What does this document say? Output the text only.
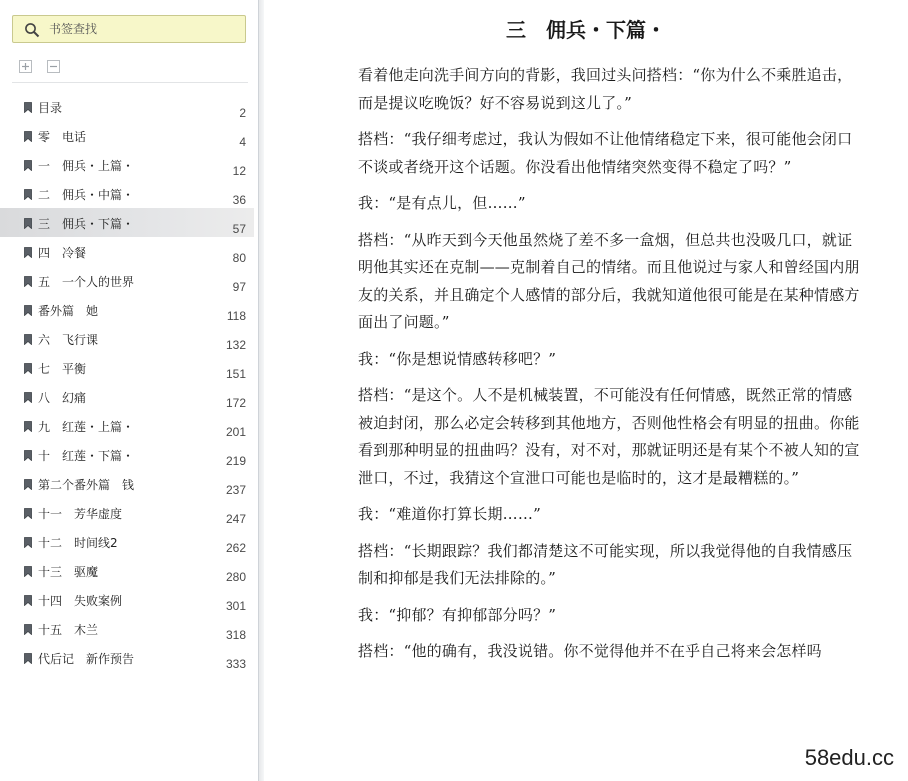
书签查找
目录	2
零　电话	4
一　佣兵・上篇・	12
二　佣兵・中篇・	36
三　佣兵・下篇・	57
四　冷餐	80
五　一个人的世界	97
番外篇　她	118
六　飞行课	132
七　平衡	151
八　幻痛	172
九　红莲・上篇・	201
十　红莲・下篇・	219
第二个番外篇　钱	237
十一　芳华虚度	247
十二　时间线2	262
十三　驱魔	280
十四　失败案例	301
十五　木兰	318
代后记　新作预告	333
三　佣兵・下篇・

看着他走向洗手间方向的背影，我回过头问搭档：“你为什么不乘胜追击，而是提议吃晚饭？好不容易说到这儿了。”

搭档：“我仔细考虑过，我认为假如不让他情绪稳定下来，很可能他会闭口不谈或者绕开这个话题。你没看出他情绪突然变得不稳定了吗？”

我：“是有点儿，但……”

搭档：“从昨天到今天他虽然烧了差不多一盒烟，但总共也没吸几口，就证明他其实还在克制——克制着自己的情绪。而且他说过与家人和曾经国内朋友的关系，并且确定个人感情的部分后，我就知道他很可能是在某种情感方面出了问题。”

我：“你是想说情感转移吧？”

搭档：“是这个。人不是机械装置，不可能没有任何情感，既然正常的情感被迫封闭，那么必定会转移到其他地方，否则他性格会有明显的扭曲。你能看到那种明显的扭曲吗？没有，对不对，那就证明还是有某个不被人知的宣泄口，不过，我猜这个宣泄口可能也是临时的，这才是最糟糕的。”

我：“难道你打算长期……”

搭档：“长期跟踪？我们都清楚这不可能实现，所以我觉得他的自我情感压制和抑郁是我们无法排除的。”

我：“抑郁？有抑郁部分吗？”

搭档：“他的确有，我没说错。你不觉得他并不在乎自己将来会怎样吗

58edu.cc
